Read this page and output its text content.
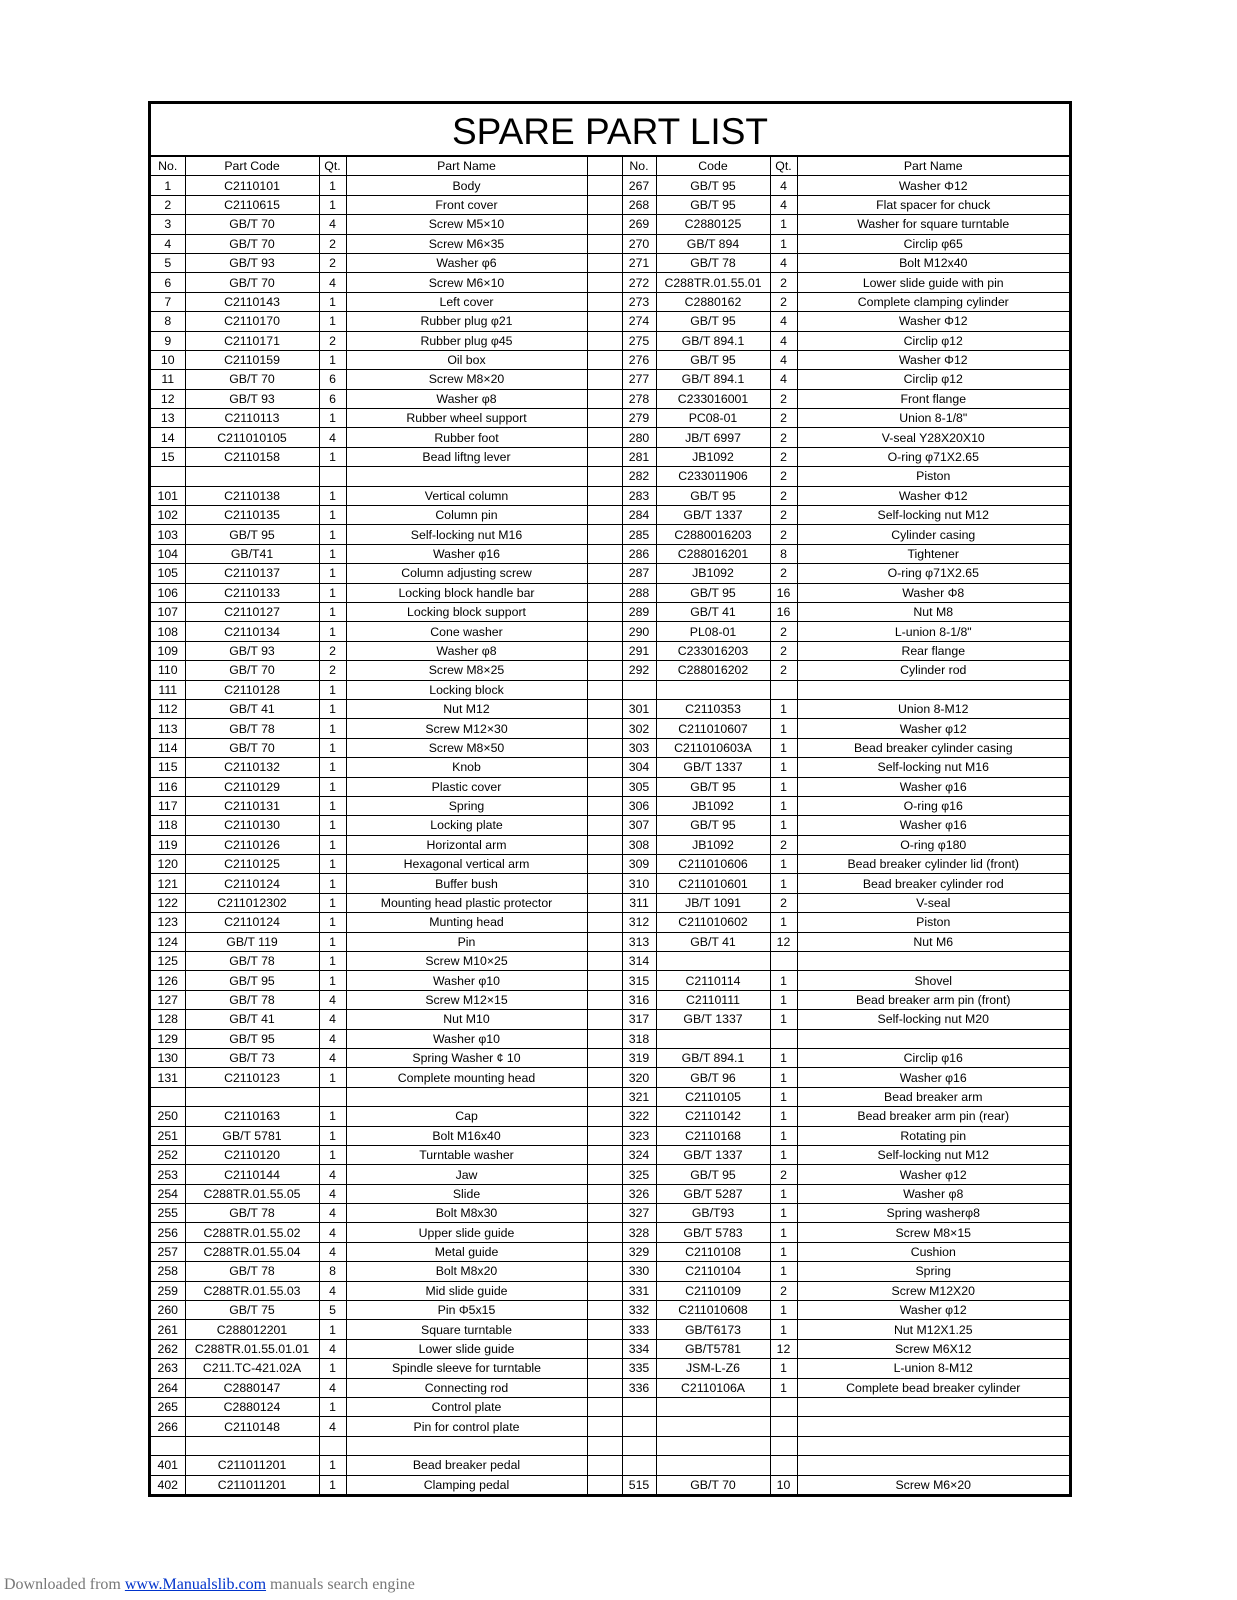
SPARE PART LIST
No.	Part Code	Qt.	Part Name		No.	Code	Qt.	Part Name
1	C2110101	1	Body		267	GB/T 95	4	Washer Φ12
2	C2110615	1	Front cover		268	GB/T 95	4	Flat spacer for chuck
3	GB/T 70	4	Screw M5×10		269	C2880125	1	Washer for square turntable
4	GB/T 70	2	Screw M6×35		270	GB/T 894	1	Circlip φ65
5	GB/T 93	2	Washer φ6		271	GB/T 78	4	Bolt M12x40
6	GB/T 70	4	Screw M6×10		272	C288TR.01.55.01	2	Lower slide guide with pin
7	C2110143	1	Left cover		273	C2880162	2	Complete clamping cylinder
8	C2110170	1	Rubber plug φ21		274	GB/T 95	4	Washer Φ12
9	C2110171	2	Rubber plug φ45		275	GB/T 894.1	4	Circlip φ12
10	C2110159	1	Oil box		276	GB/T 95	4	Washer Φ12
11	GB/T 70	6	Screw M8×20		277	GB/T 894.1	4	Circlip φ12
12	GB/T 93	6	Washer φ8		278	C233016001	2	Front flange
13	C2110113	1	Rubber wheel support		279	PC08-01	2	Union 8-1/8"
14	C211010105	4	Rubber foot		280	JB/T 6997	2	V-seal Y28X20X10
15	C2110158	1	Bead liftng lever		281	JB1092	2	O-ring φ71X2.65
					282	C233011906	2	Piston
101	C2110138	1	Vertical column		283	GB/T 95	2	Washer Φ12
102	C2110135	1	Column pin		284	GB/T 1337	2	Self-locking nut M12
103	GB/T 95	1	Self-locking nut M16		285	C2880016203	2	Cylinder casing
104	GB/T41	1	Washer φ16		286	C288016201	8	Tightener
105	C2110137	1	Column adjusting screw		287	JB1092	2	O-ring φ71X2.65
106	C2110133	1	Locking block handle bar		288	GB/T 95	16	Washer Φ8
107	C2110127	1	Locking block support		289	GB/T 41	16	Nut M8
108	C2110134	1	Cone washer		290	PL08-01	2	L-union 8-1/8"
109	GB/T 93	2	Washer φ8		291	C233016203	2	Rear flange
110	GB/T 70	2	Screw M8×25		292	C288016202	2	Cylinder rod
111	C2110128	1	Locking block					
112	GB/T 41	1	Nut M12		301	C2110353	1	Union 8-M12
113	GB/T 78	1	Screw M12×30		302	C211010607	1	Washer φ12
114	GB/T 70	1	Screw M8×50		303	C211010603A	1	Bead breaker cylinder casing
115	C2110132	1	Knob		304	GB/T 1337	1	Self-locking nut M16
116	C2110129	1	Plastic cover		305	GB/T 95	1	Washer φ16
117	C2110131	1	Spring		306	JB1092	1	O-ring φ16
118	C2110130	1	Locking plate		307	GB/T 95	1	Washer φ16
119	C2110126	1	Horizontal arm		308	JB1092	2	O-ring φ180
120	C2110125	1	Hexagonal vertical arm		309	C211010606	1	Bead breaker cylinder lid (front)
121	C2110124	1	Buffer bush		310	C211010601	1	Bead breaker cylinder rod
122	C211012302	1	Mounting head plastic protector		311	JB/T 1091	2	V-seal
123	C2110124	1	Munting head		312	C211010602	1	Piston
124	GB/T 119	1	Pin		313	GB/T 41	12	Nut M6
125	GB/T 78	1	Screw M10×25		314			
126	GB/T 95	1	Washer φ10		315	C2110114	1	Shovel
127	GB/T 78	4	Screw M12×15		316	C2110111	1	Bead breaker arm pin (front)
128	GB/T 41	4	Nut M10		317	GB/T 1337	1	Self-locking nut M20
129	GB/T 95	4	Washer φ10		318			
130	GB/T 73	4	Spring Washer ¢ 10		319	GB/T 894.1	1	Circlip φ16
131	C2110123	1	Complete mounting head		320	GB/T 96	1	Washer φ16
					321	C2110105	1	Bead breaker arm
250	C2110163	1	Cap		322	C2110142	1	Bead breaker arm pin (rear)
251	GB/T 5781	1	Bolt M16x40		323	C2110168	1	Rotating pin
252	C2110120	1	Turntable washer		324	GB/T 1337	1	Self-locking nut M12
253	C2110144	4	Jaw		325	GB/T 95	2	Washer φ12
254	C288TR.01.55.05	4	Slide		326	GB/T 5287	1	Washer φ8
255	GB/T 78	4	Bolt M8x30		327	GB/T93	1	Spring washerφ8
256	C288TR.01.55.02	4	Upper slide guide		328	GB/T 5783	1	Screw M8×15
257	C288TR.01.55.04	4	Metal guide		329	C2110108	1	Cushion
258	GB/T 78	8	Bolt M8x20		330	C2110104	1	Spring
259	C288TR.01.55.03	4	Mid slide guide		331	C2110109	2	Screw M12X20
260	GB/T 75	5	Pin Φ5x15		332	C211010608	1	Washer φ12
261	C288012201	1	Square turntable		333	GB/T6173	1	Nut M12X1.25
262	C288TR.01.55.01.01	4	Lower slide guide		334	GB/T5781	12	Screw M6X12
263	C211.TC-421.02A	1	Spindle sleeve for turntable		335	JSM-L-Z6	1	L-union 8-M12
264	C2880147	4	Connecting rod		336	C2110106A	1	Complete bead breaker cylinder
265	C2880124	1	Control plate					
266	C2110148	4	Pin for control plate					

401	C211011201	1	Bead breaker pedal					
402	C211011201	1	Clamping pedal		515	GB/T 70	10	Screw M6×20
Downloaded from www.Manualslib.com manuals search engine
